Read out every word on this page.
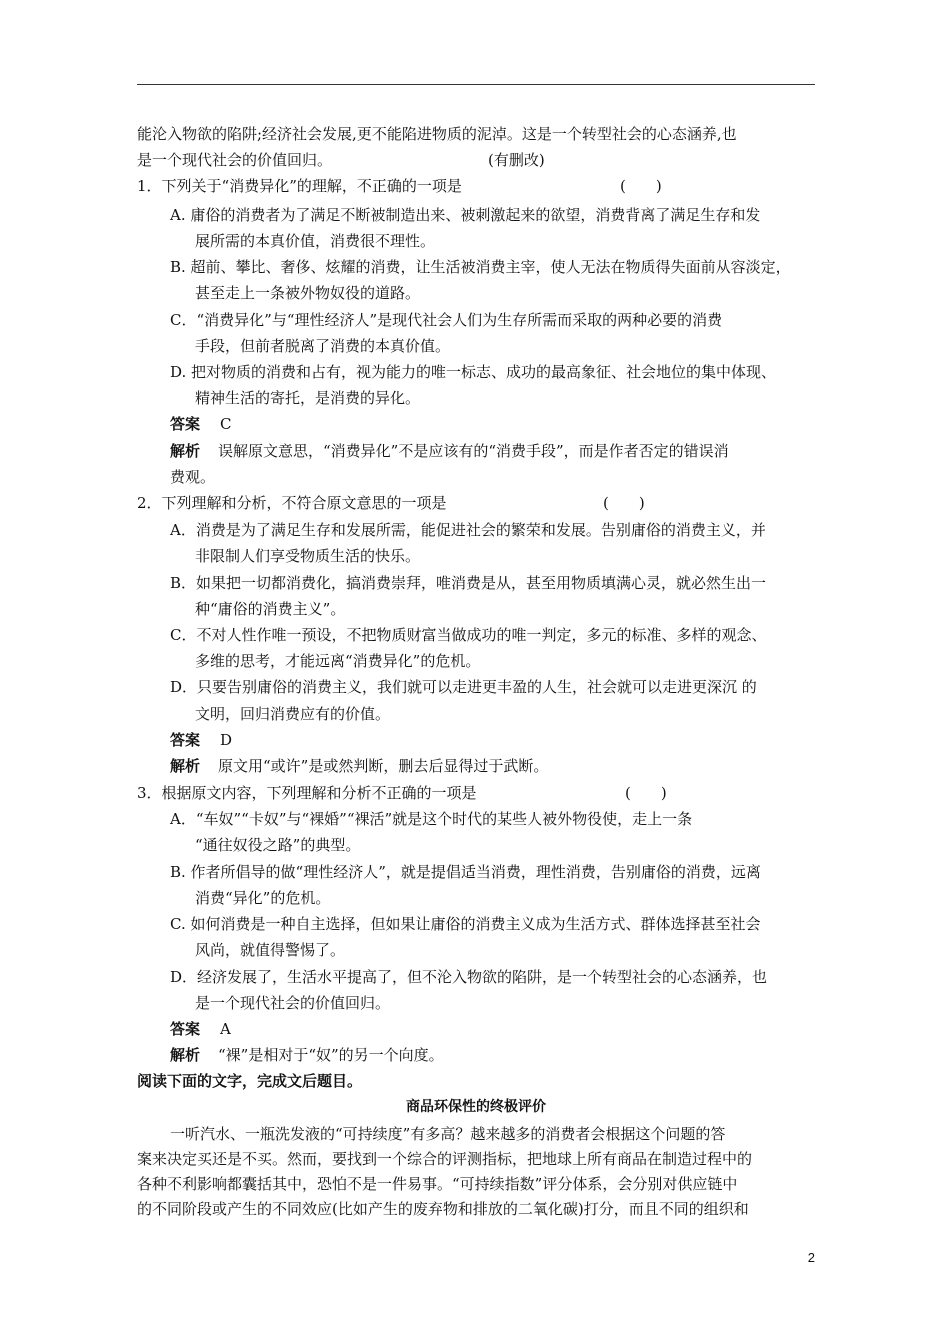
能沦入物欲的陷阱;经济社会发展,更不能陷进物质的泥淖。这是一个转型社会的心态涵养,也
是一个现代社会的价值回归。	(有删改)
1．下列关于“消费异化”的理解，不正确的一项是	(　　)
A. 庸俗的消费者为了满足不断被制造出来、被刺激起来的欲望，消费背离了满足生存和发
展所需的本真价值，消费很不理性。
B. 超前、攀比、奢侈、炫耀的消费，让生活被消费主宰，使人无法在物质得失面前从容淡定，
甚至走上一条被外物奴役的道路。
C．“消费异化”与“理性经济人”是现代社会人们为生存所需而采取的两种必要的消费
手段，但前者脱离了消费的本真价值。
D. 把对物质的消费和占有，视为能力的唯一标志、成功的最高象征、社会地位的集中体现、
精神生活的寄托，是消费的异化。
答案 C
解析 误解原文意思，“消费异化”不是应该有的“消费手段”，而是作者否定的错误消
费观。
2．下列理解和分析，不符合原文意思的一项是	(　　)
A．消费是为了满足生存和发展所需，能促进社会的繁荣和发展。告别庸俗的消费主义，并
非限制人们享受物质生活的快乐。
B．如果把一切都消费化，搞消费崇拜，唯消费是从，甚至用物质填满心灵，就必然生出一
种“庸俗的消费主义”。
C．不对人性作唯一预设，不把物质财富当做成功的唯一判定，多元的标准、多样的观念、
多维的思考，才能远离“消费异化”的危机。
D．只要告别庸俗的消费主义，我们就可以走进更丰盈的人生，社会就可以走进更深沉 的
文明，回归消费应有的价值。
答案 D
解析 原文用“或许”是或然判断，删去后显得过于武断。
3．根据原文内容，下列理解和分析不正确的一项是	(　　)
A．“车奴”“卡奴”与“裸婚”“裸活”就是这个时代的某些人被外物役使，走上一条
“通往奴役之路”的典型。
B. 作者所倡导的做“理性经济人”，就是提倡适当消费，理性消费，告别庸俗的消费，远离
消费“异化”的危机。
C. 如何消费是一种自主选择，但如果让庸俗的消费主义成为生活方式、群体选择甚至社会
风尚，就值得警惕了。
D．经济发展了，生活水平提高了，但不沦入物欲的陷阱，是一个转型社会的心态涵养，也
是一个现代社会的价值回归。
答案 A
解析 “裸”是相对于“奴”的另一个向度。
阅读下面的文字，完成文后题目。
商品环保性的终极评价
一听汽水、一瓶洗发液的“可持续度”有多高？越来越多的消费者会根据这个问题的答
案来决定买还是不买。然而，要找到一个综合的评测指标，把地球上所有商品在制造过程中的
各种不利影响都囊括其中，恐怕不是一件易事。“可持续指数”评分体系，会分别对供应链中
的不同阶段或产生的不同效应(比如产生的废弃物和排放的二氧化碳)打分，而且不同的组织和
2
